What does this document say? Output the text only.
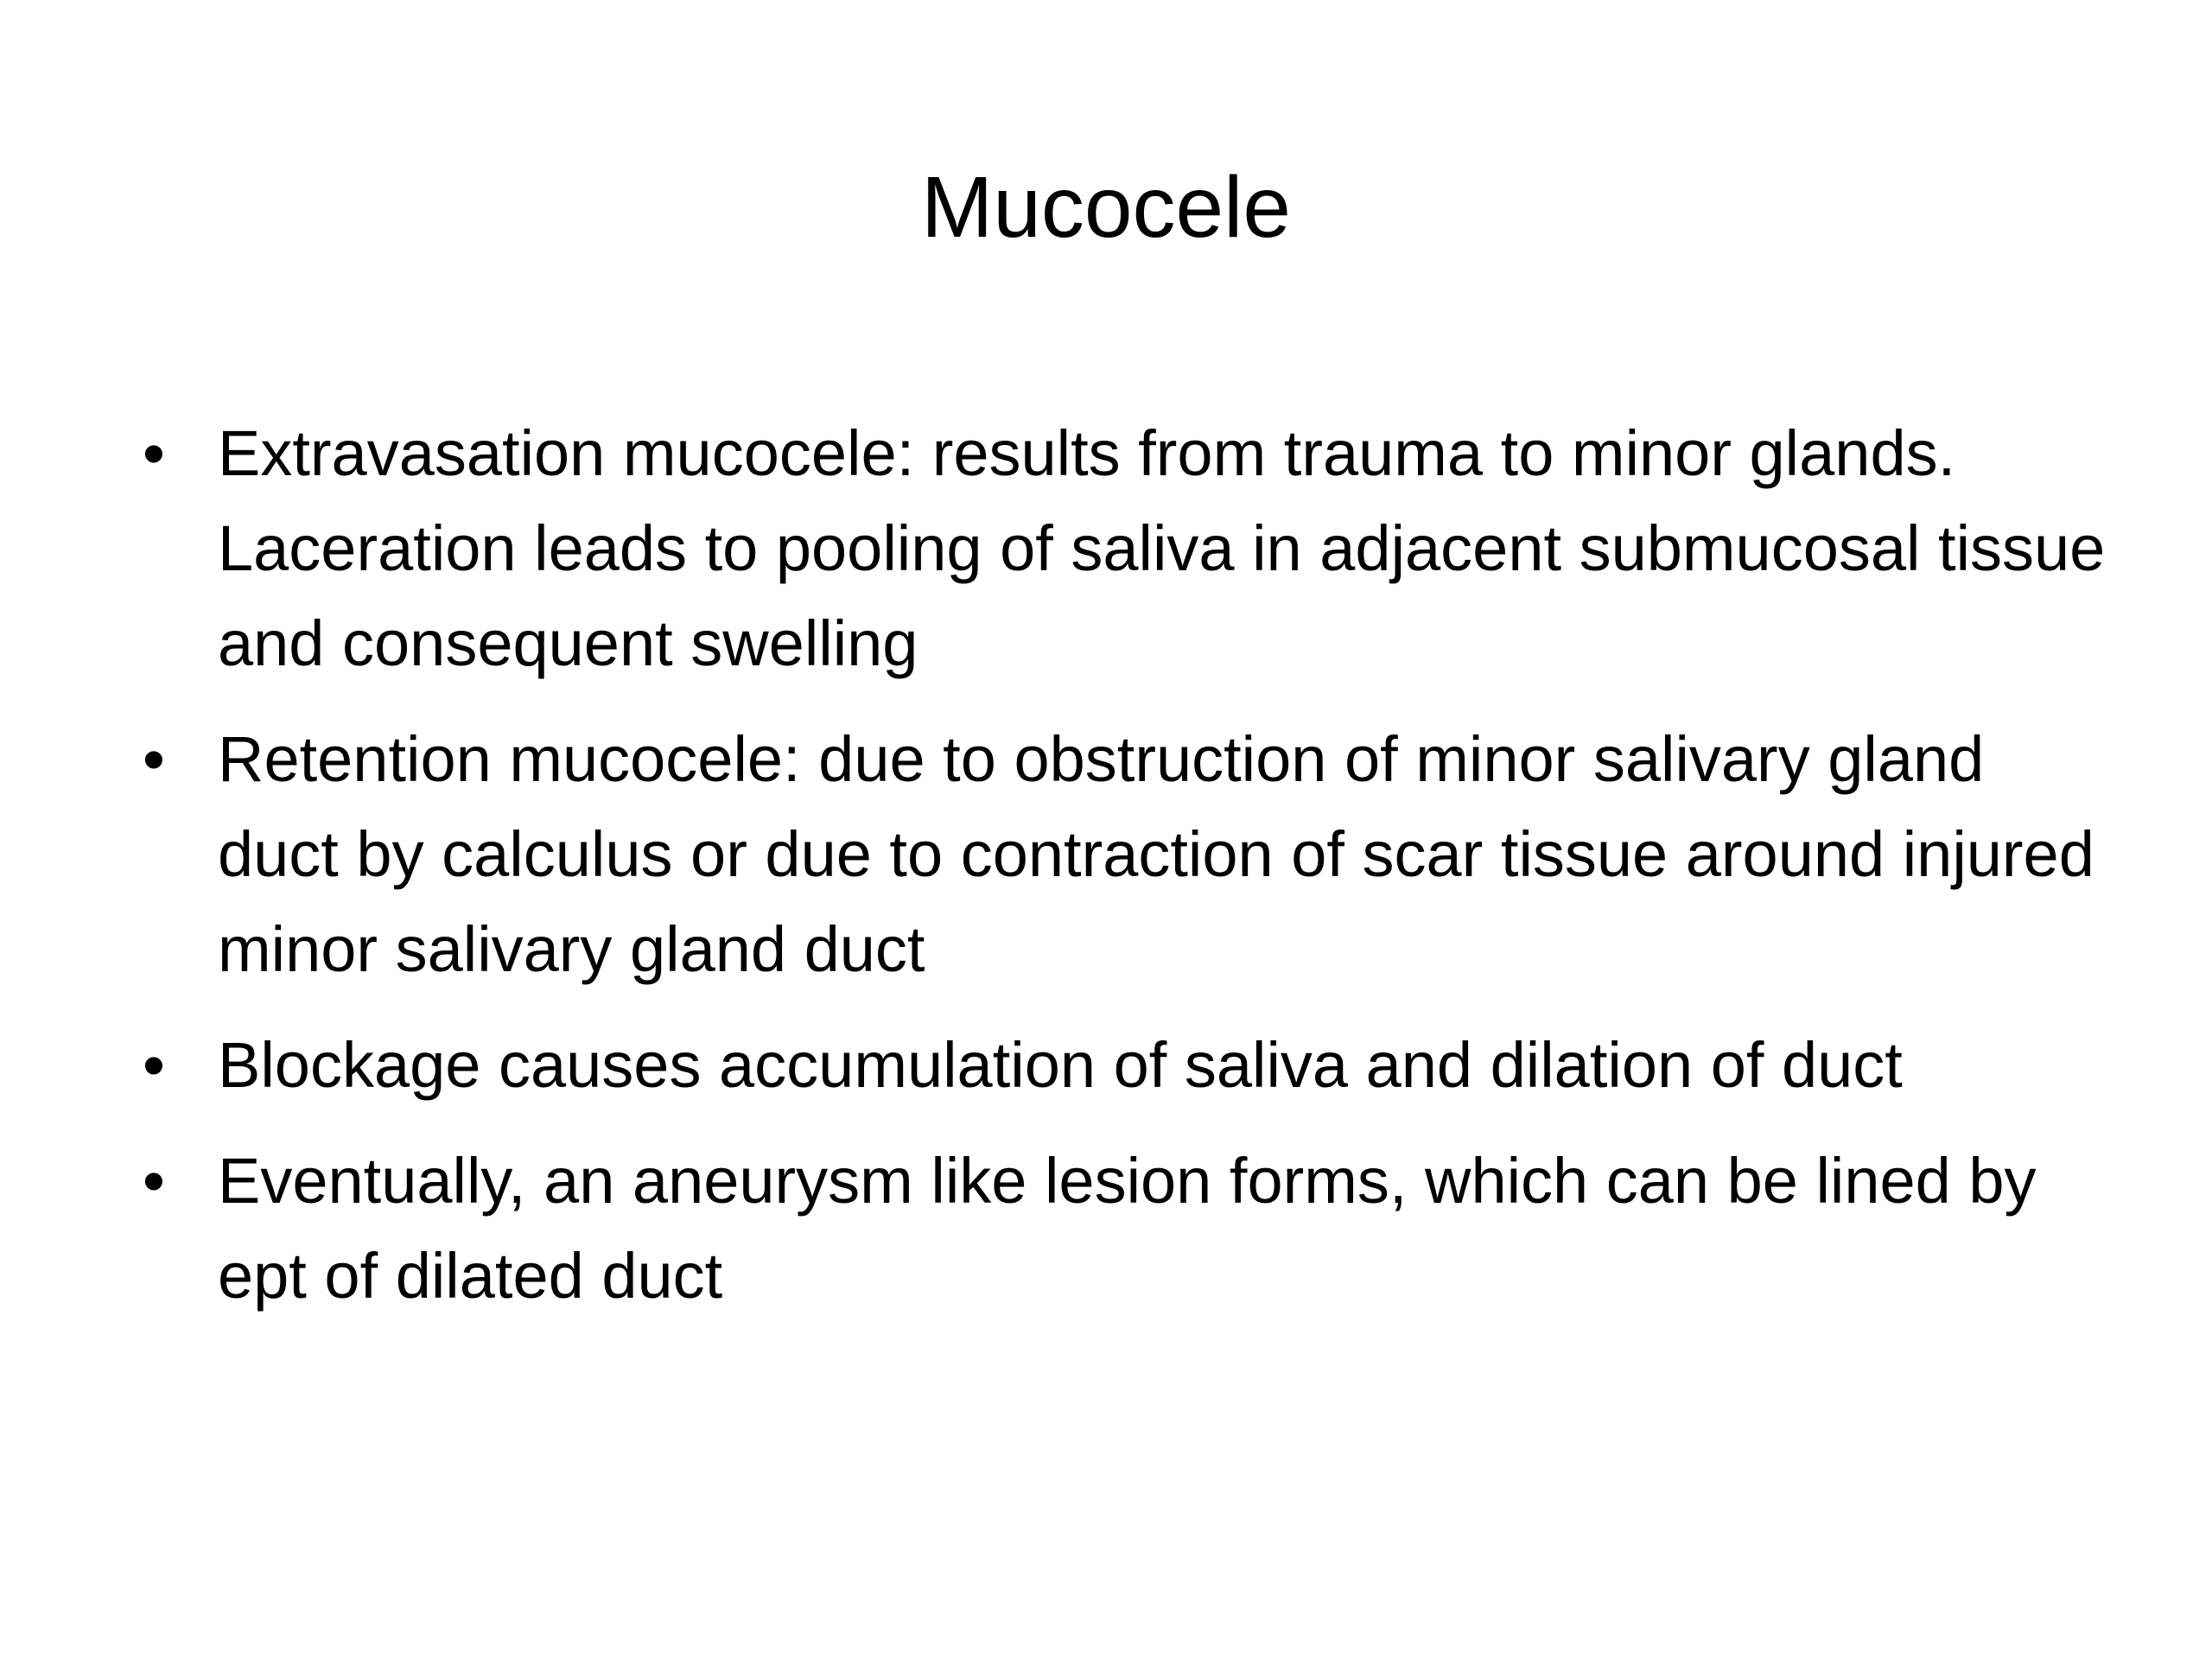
Mucocele
• Extravasation mucocele: results from trauma to minor glands. Laceration leads to pooling of saliva in adjacent submucosal tissue and consequent swelling
• Retention mucocele: due to obstruction of minor salivary gland duct by calculus or due to contraction of scar tissue around injured minor salivary gland duct
• Blockage causes accumulation of saliva and dilation of duct
• Eventually, an aneurysm like lesion forms, which can be lined by ept of dilated duct
